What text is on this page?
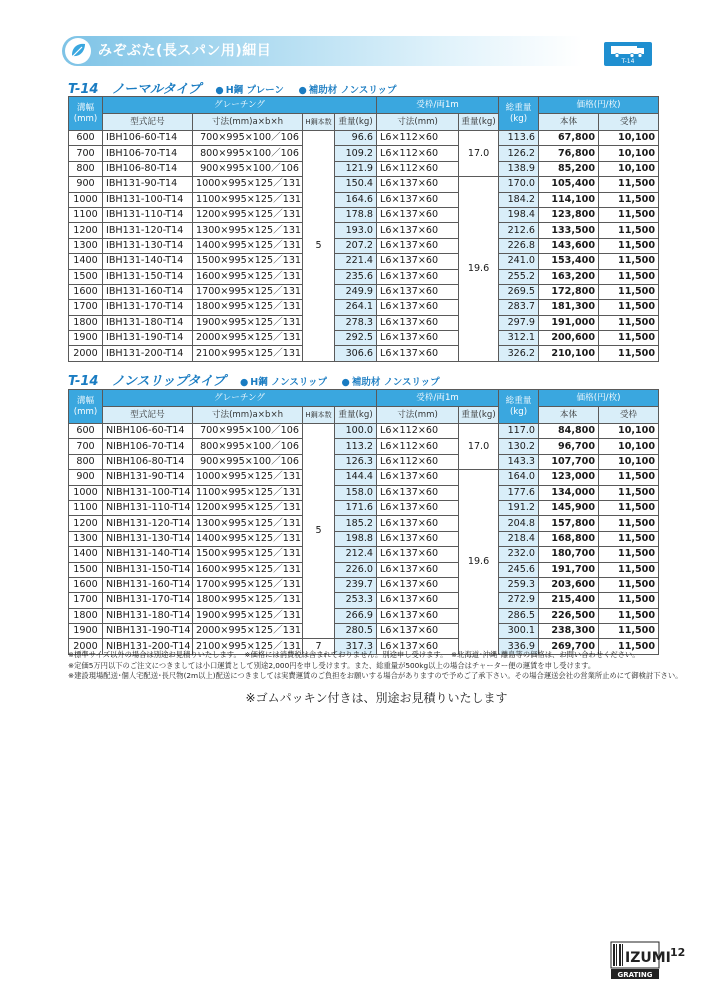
みぞぶた(長スパン用)細目
T-14
T-14　ノーマルタイプ ● H鋼 プレーン ● 補助材 ノンスリップ
溝幅
(mm)	グレーチング				受枠/両1m		総重量
(kg)	価格(円/枚)	
	型式記号	寸法(mm)a×b×h	H鋼本数	重量(kg)	寸法(mm)	重量(kg)		本体	受枠
600	IBH106-60-T14	700×995×100／106	5	96.6	L6×112×60	17.0	113.6	67,800	10,100
700	IBH106-70-T14	800×995×100／106		109.2	L6×112×60		126.2	76,800	10,100
800	IBH106-80-T14	900×995×100／106		121.9	L6×112×60		138.9	85,200	10,100
900	IBH131-90-T14	1000×995×125／131		150.4	L6×137×60	19.6	170.0	105,400	11,500
1000	IBH131-100-T14	1100×995×125／131		164.6	L6×137×60		184.2	114,100	11,500
1100	IBH131-110-T14	1200×995×125／131		178.8	L6×137×60		198.4	123,800	11,500
1200	IBH131-120-T14	1300×995×125／131		193.0	L6×137×60		212.6	133,500	11,500
1300	IBH131-130-T14	1400×995×125／131		207.2	L6×137×60		226.8	143,600	11,500
1400	IBH131-140-T14	1500×995×125／131		221.4	L6×137×60		241.0	153,400	11,500
1500	IBH131-150-T14	1600×995×125／131		235.6	L6×137×60		255.2	163,200	11,500
1600	IBH131-160-T14	1700×995×125／131		249.9	L6×137×60		269.5	172,800	11,500
1700	IBH131-170-T14	1800×995×125／131		264.1	L6×137×60		283.7	181,300	11,500
1800	IBH131-180-T14	1900×995×125／131		278.3	L6×137×60		297.9	191,000	11,500
1900	IBH131-190-T14	2000×995×125／131		292.5	L6×137×60		312.1	200,600	11,500
2000	IBH131-200-T14	2100×995×125／131		306.6	L6×137×60		326.2	210,100	11,500
T-14　ノンスリップタイプ ● H鋼 ノンスリップ ● 補助材 ノンスリップ
溝幅
(mm)	グレーチング				受枠/両1m		総重量
(kg)	価格(円/枚)	
	型式記号	寸法(mm)a×b×h	H鋼本数	重量(kg)	寸法(mm)	重量(kg)		本体	受枠
600	NIBH106-60-T14	700×995×100／106	5	100.0	L6×112×60	17.0	117.0	84,800	10,100
700	NIBH106-70-T14	800×995×100／106		113.2	L6×112×60		130.2	96,700	10,100
800	NIBH106-80-T14	900×995×100／106		126.3	L6×112×60		143.3	107,700	10,100
900	NIBH131-90-T14	1000×995×125／131		144.4	L6×137×60	19.6	164.0	123,000	11,500
1000	NIBH131-100-T14	1100×995×125／131		158.0	L6×137×60		177.6	134,000	11,500
1100	NIBH131-110-T14	1200×995×125／131		171.6	L6×137×60		191.2	145,900	11,500
1200	NIBH131-120-T14	1300×995×125／131		185.2	L6×137×60		204.8	157,800	11,500
1300	NIBH131-130-T14	1400×995×125／131		198.8	L6×137×60		218.4	168,800	11,500
1400	NIBH131-140-T14	1500×995×125／131		212.4	L6×137×60		232.0	180,700	11,500
1500	NIBH131-150-T14	1600×995×125／131		226.0	L6×137×60		245.6	191,700	11,500
1600	NIBH131-160-T14	1700×995×125／131		239.7	L6×137×60		259.3	203,600	11,500
1700	NIBH131-170-T14	1800×995×125／131		253.3	L6×137×60		272.9	215,400	11,500
1800	NIBH131-180-T14	1900×995×125／131		266.9	L6×137×60		286.5	226,500	11,500
1900	NIBH131-190-T14	2000×995×125／131		280.5	L6×137×60		300.1	238,300	11,500
2000	NIBH131-200-T14	2100×995×125／131	7	317.3	L6×137×60		336.9	269,700	11,500
※標準サイズ以外の場合は別途お見積りいたします。　※価格には消費税は含まれておりません。別途申し受けます。　※北海道･沖縄･離島等の価格は、お問い合わせください。
※定価5万円以下のご注文につきましては小口運賃として別途2,000円を申し受けます。また、総重量が500kg以上の場合はチャーター便の運賃を申し受けます。
※建設現場配送･個人宅配送･長尺物(2m以上)配送につきましては実費運賃のご負担をお願いする場合がありますので予めご了承下さい。その場合運送会社の営業所止めにて御検討下さい。
※ゴムパッキン付きは、別途お見積りいたします
IZUMI
GRATING
12
